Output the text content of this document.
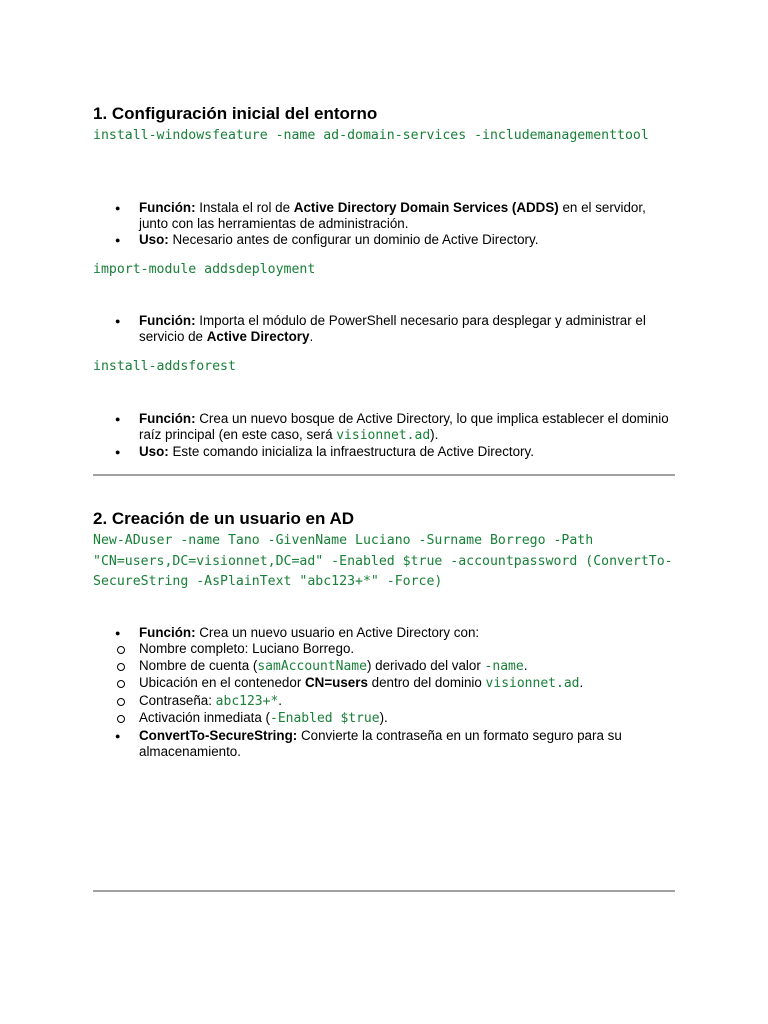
1. Configuración inicial del entorno
install-windowsfeature -name ad-domain-services -includemanagementtool
● Función: Instala el rol de Active Directory Domain Services (ADDS) en el servidor, junto con las herramientas de administración.
● Uso: Necesario antes de configurar un dominio de Active Directory.
import-module addsdeployment
● Función: Importa el módulo de PowerShell necesario para desplegar y administrar el servicio de Active Directory.
install-addsforest
● Función: Crea un nuevo bosque de Active Directory, lo que implica establecer el dominio raíz principal (en este caso, será visionnet.ad).
● Uso: Este comando inicializa la infraestructura de Active Directory.
2. Creación de un usuario en AD
New-ADuser -name Tano -GivenName Luciano -Surname Borrego -Path "CN=users,DC=visionnet,DC=ad" -Enabled $true -accountpassword (ConvertTo-SecureString -AsPlainText "abc123+*" -Force)
● Función: Crea un nuevo usuario en Active Directory con:
Nombre completo: Luciano Borrego.
Nombre de cuenta (samAccountName) derivado del valor -name.
Ubicación en el contenedor CN=users dentro del dominio visionnet.ad.
Contraseña: abc123+*.
Activación inmediata (-Enabled $true).
● ConvertTo-SecureString: Convierte la contraseña en un formato seguro para su almacenamiento.
